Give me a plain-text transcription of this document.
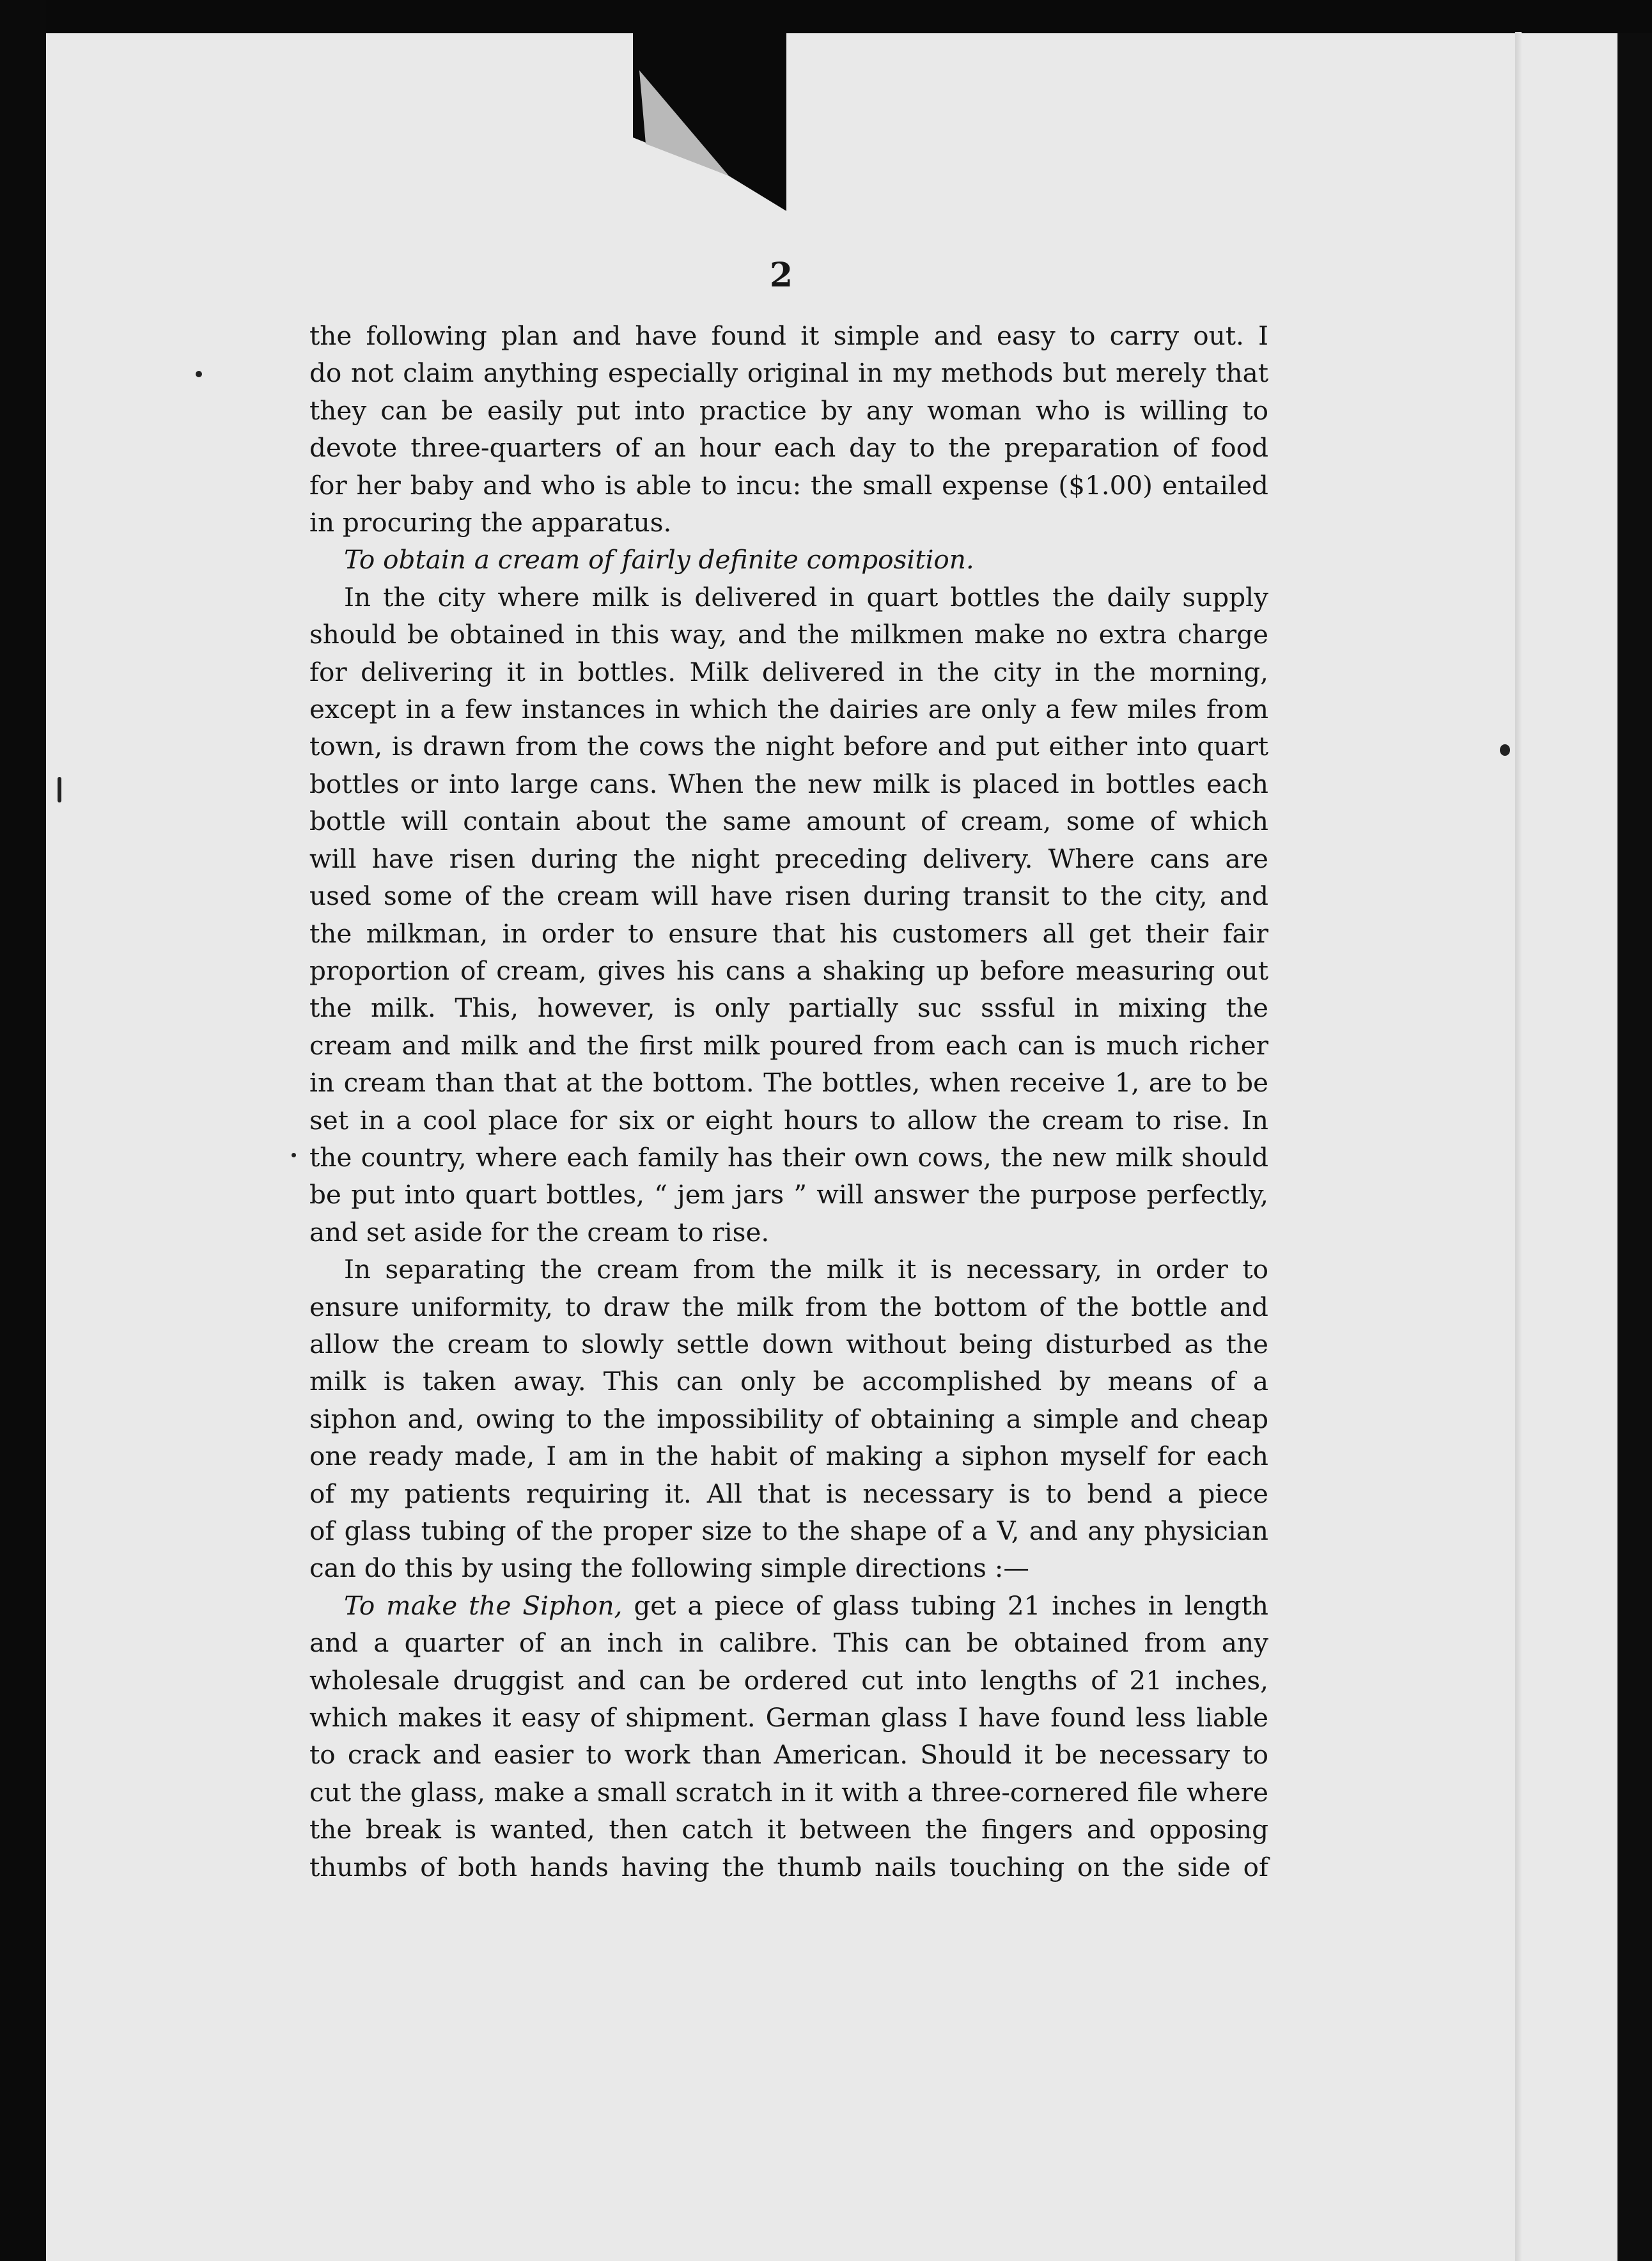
2
the following plan and have found it simple and easy to carry out. I
do not claim anything especially original in my methods but merely that
they can be easily put into practice by any woman who is willing to
devote three-quarters of an hour each day to the preparation of food
for her baby and who is able to incu: the small expense ($1.00) entailed
in procuring the apparatus.
To obtain a cream of fairly definite composition.
In the city where milk is delivered in quart bottles the daily supply
should be obtained in this way, and the milkmen make no extra charge
for delivering it in bottles. Milk delivered in the city in the morning,
except in a few instances in which the dairies are only a few miles from
town, is drawn from the cows the night before and put either into quart
bottles or into large cans. When the new milk is placed in bottles each
bottle will contain about the same amount of cream, some of which
will have risen during the night preceding delivery. Where cans are
used some of the cream will have risen during transit to the city, and
the milkman, in order to ensure that his customers all get their fair
proportion of cream, gives his cans a shaking up before measuring out
the milk. This, however, is only partially suc sssful in mixing the
cream and milk and the first milk poured from each can is much richer
in cream than that at the bottom. The bottles, when receive 1, are to be
set in a cool place for six or eight hours to allow the cream to rise. In
the country, where each family has their own cows, the new milk should
be put into quart bottles, “ jem jars ” will answer the purpose perfectly,
and set aside for the cream to rise.
In separating the cream from the milk it is necessary, in order to
ensure uniformity, to draw the milk from the bottom of the bottle and
allow the cream to slowly settle down without being disturbed as the
milk is taken away. This can only be accomplished by means of a
siphon and, owing to the impossibility of obtaining a simple and cheap
one ready made, I am in the habit of making a siphon myself for each
of my patients requiring it. All that is necessary is to bend a piece
of glass tubing of the proper size to the shape of a V, and any physician
can do this by using the following simple directions :—
To make the Siphon, get a piece of glass tubing 21 inches in length
and a quarter of an inch in calibre. This can be obtained from any
wholesale druggist and can be ordered cut into lengths of 21 inches,
which makes it easy of shipment. German glass I have found less liable
to crack and easier to work than American. Should it be necessary to
cut the glass, make a small scratch in it with a three-cornered file where
the break is wanted, then catch it between the fingers and opposing
thumbs of both hands having the thumb nails touching on the side of
